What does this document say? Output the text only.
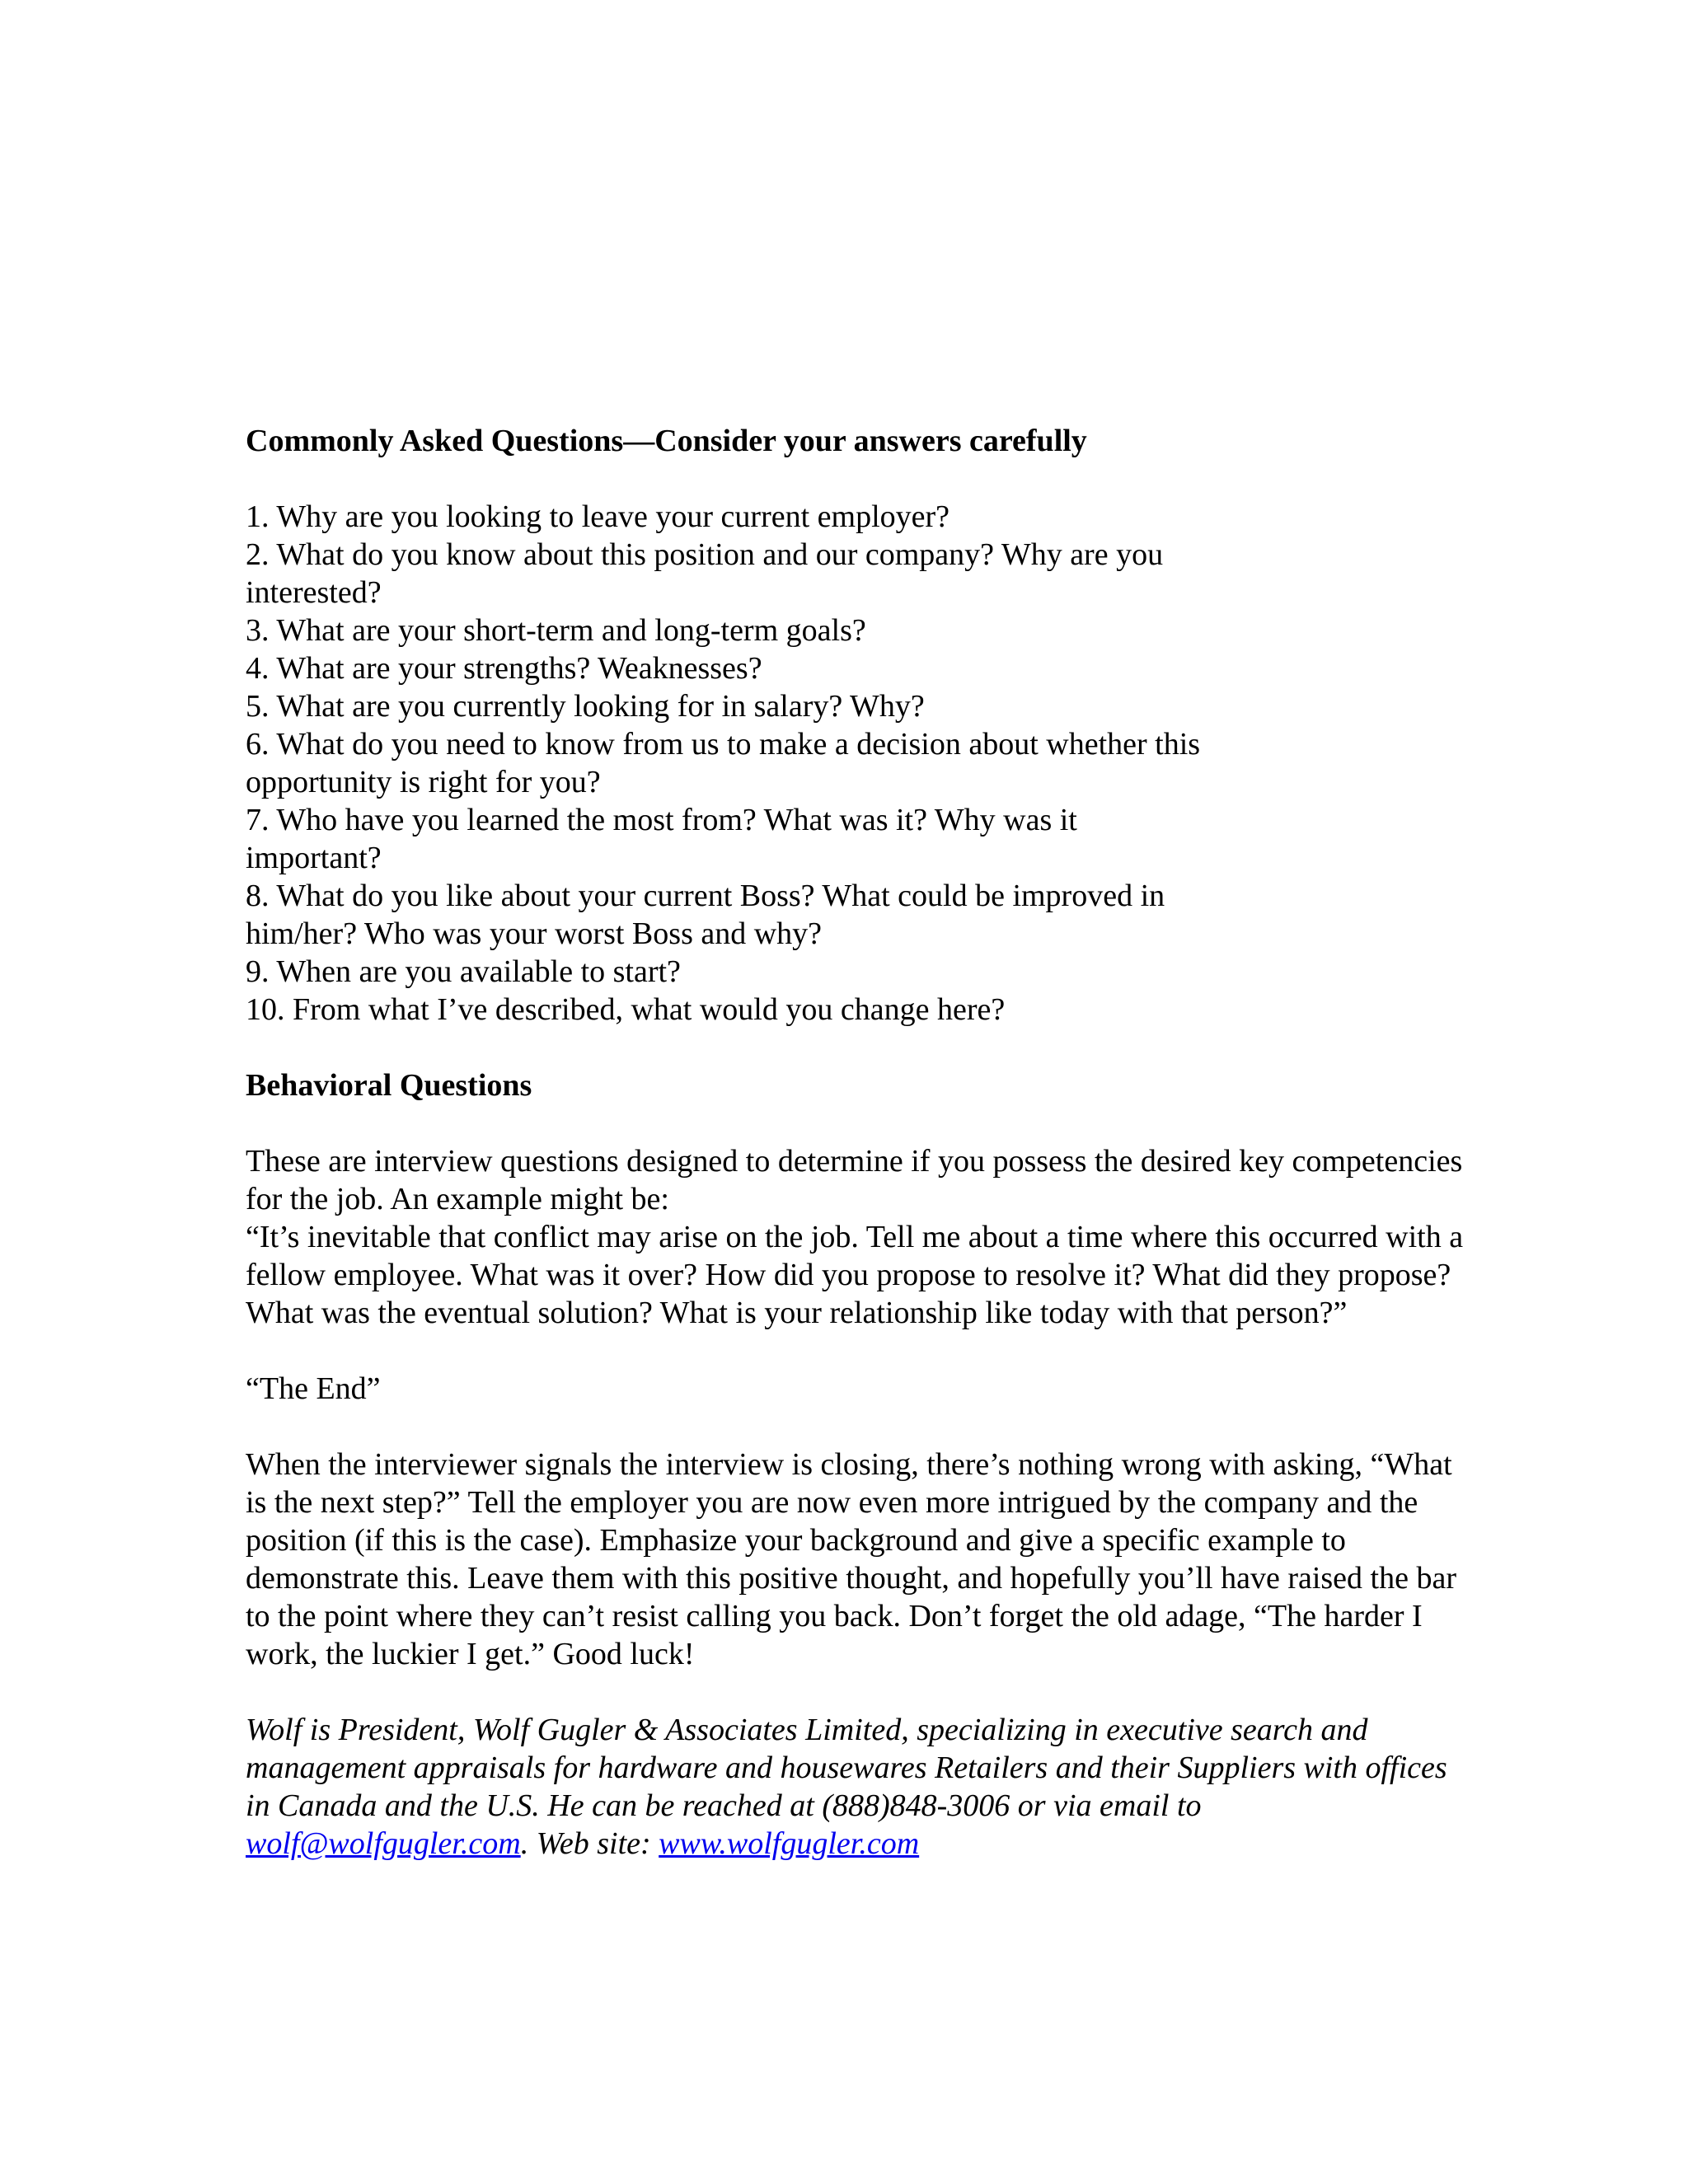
Commonly Asked Questions—Consider your answers carefully

1. Why are you looking to leave your current employer?
2. What do you know about this position and our company? Why are you interested?
3. What are your short-term and long-term goals?
4. What are your strengths? Weaknesses?
5. What are you currently looking for in salary? Why?
6. What do you need to know from us to make a decision about whether this opportunity is right for you?
7. Who have you learned the most from? What was it? Why was it important?
8. What do you like about your current Boss? What could be improved in him/her? Who was your worst Boss and why?
9. When are you available to start?
10. From what I’ve described, what would you change here?

Behavioral Questions

These are interview questions designed to determine if you possess the desired key competencies for the job. An example might be:

“It’s inevitable that conflict may arise on the job. Tell me about a time where this occurred with a fellow employee. What was it over? How did you propose to resolve it? What did they propose? What was the eventual solution? What is your relationship like today with that person?”

“The End”

When the interviewer signals the interview is closing, there’s nothing wrong with asking, “What is the next step?” Tell the employer you are now even more intrigued by the company and the position (if this is the case). Emphasize your background and give a specific example to demonstrate this. Leave them with this positive thought, and hopefully you’ll have raised the bar to the point where they can’t resist calling you back. Don’t forget the old adage, “The harder I work, the luckier I get.” Good luck!

Wolf is President, Wolf Gugler & Associates Limited, specializing in executive search and management appraisals for hardware and housewares Retailers and their Suppliers with offices in Canada and the U.S. He can be reached at (888)848-3006 or via email to wolf@wolfgugler.com. Web site: www.wolfgugler.com
